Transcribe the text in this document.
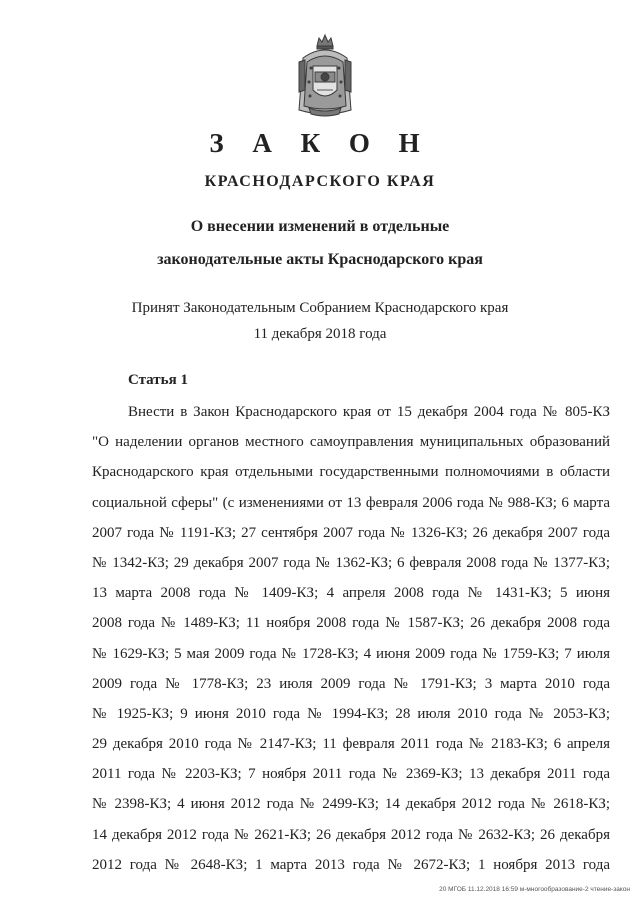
З А К О Н
КРАСНОДАРСКОГО КРАЯ
О внесении изменений в отдельные
законодательные акты Краснодарского края
Принят Законодательным Собранием Краснодарского края
11 декабря 2018 года
Статья 1
Внести в Закон Краснодарского края от 15 декабря 2004 года № 805-КЗ
"О наделении органов местного самоуправления муниципальных образований
Краснодарского края отдельными государственными полномочиями в области
социальной сферы" (с изменениями от 13 февраля 2006 года № 988-КЗ; 6 марта
2007 года № 1191-КЗ; 27 сентября 2007 года № 1326-КЗ; 26 декабря 2007 года
№ 1342-КЗ; 29 декабря 2007 года № 1362-КЗ; 6 февраля 2008 года № 1377-КЗ;
13 марта 2008 года № 1409-КЗ; 4 апреля 2008 года № 1431-КЗ; 5 июня
2008 года № 1489-КЗ; 11 ноября 2008 года № 1587-КЗ; 26 декабря 2008 года
№ 1629-КЗ; 5 мая 2009 года № 1728-КЗ; 4 июня 2009 года № 1759-КЗ; 7 июля
2009 года № 1778-КЗ; 23 июля 2009 года № 1791-КЗ; 3 марта 2010 года
№ 1925-КЗ; 9 июня 2010 года № 1994-КЗ; 28 июля 2010 года № 2053-КЗ;
29 декабря 2010 года № 2147-КЗ; 11 февраля 2011 года № 2183-КЗ; 6 апреля
2011 года № 2203-КЗ; 7 ноября 2011 года № 2369-КЗ; 13 декабря 2011 года
№ 2398-КЗ; 4 июня 2012 года № 2499-КЗ; 14 декабря 2012 года № 2618-КЗ;
14 декабря 2012 года № 2621-КЗ; 26 декабря 2012 года № 2632-КЗ; 26 декабря
2012 года № 2648-КЗ; 1 марта 2013 года № 2672-КЗ; 1 ноября 2013 года
20 МГОБ 11.12.2018 16:59 м-многообразование-2 чтение-закон
